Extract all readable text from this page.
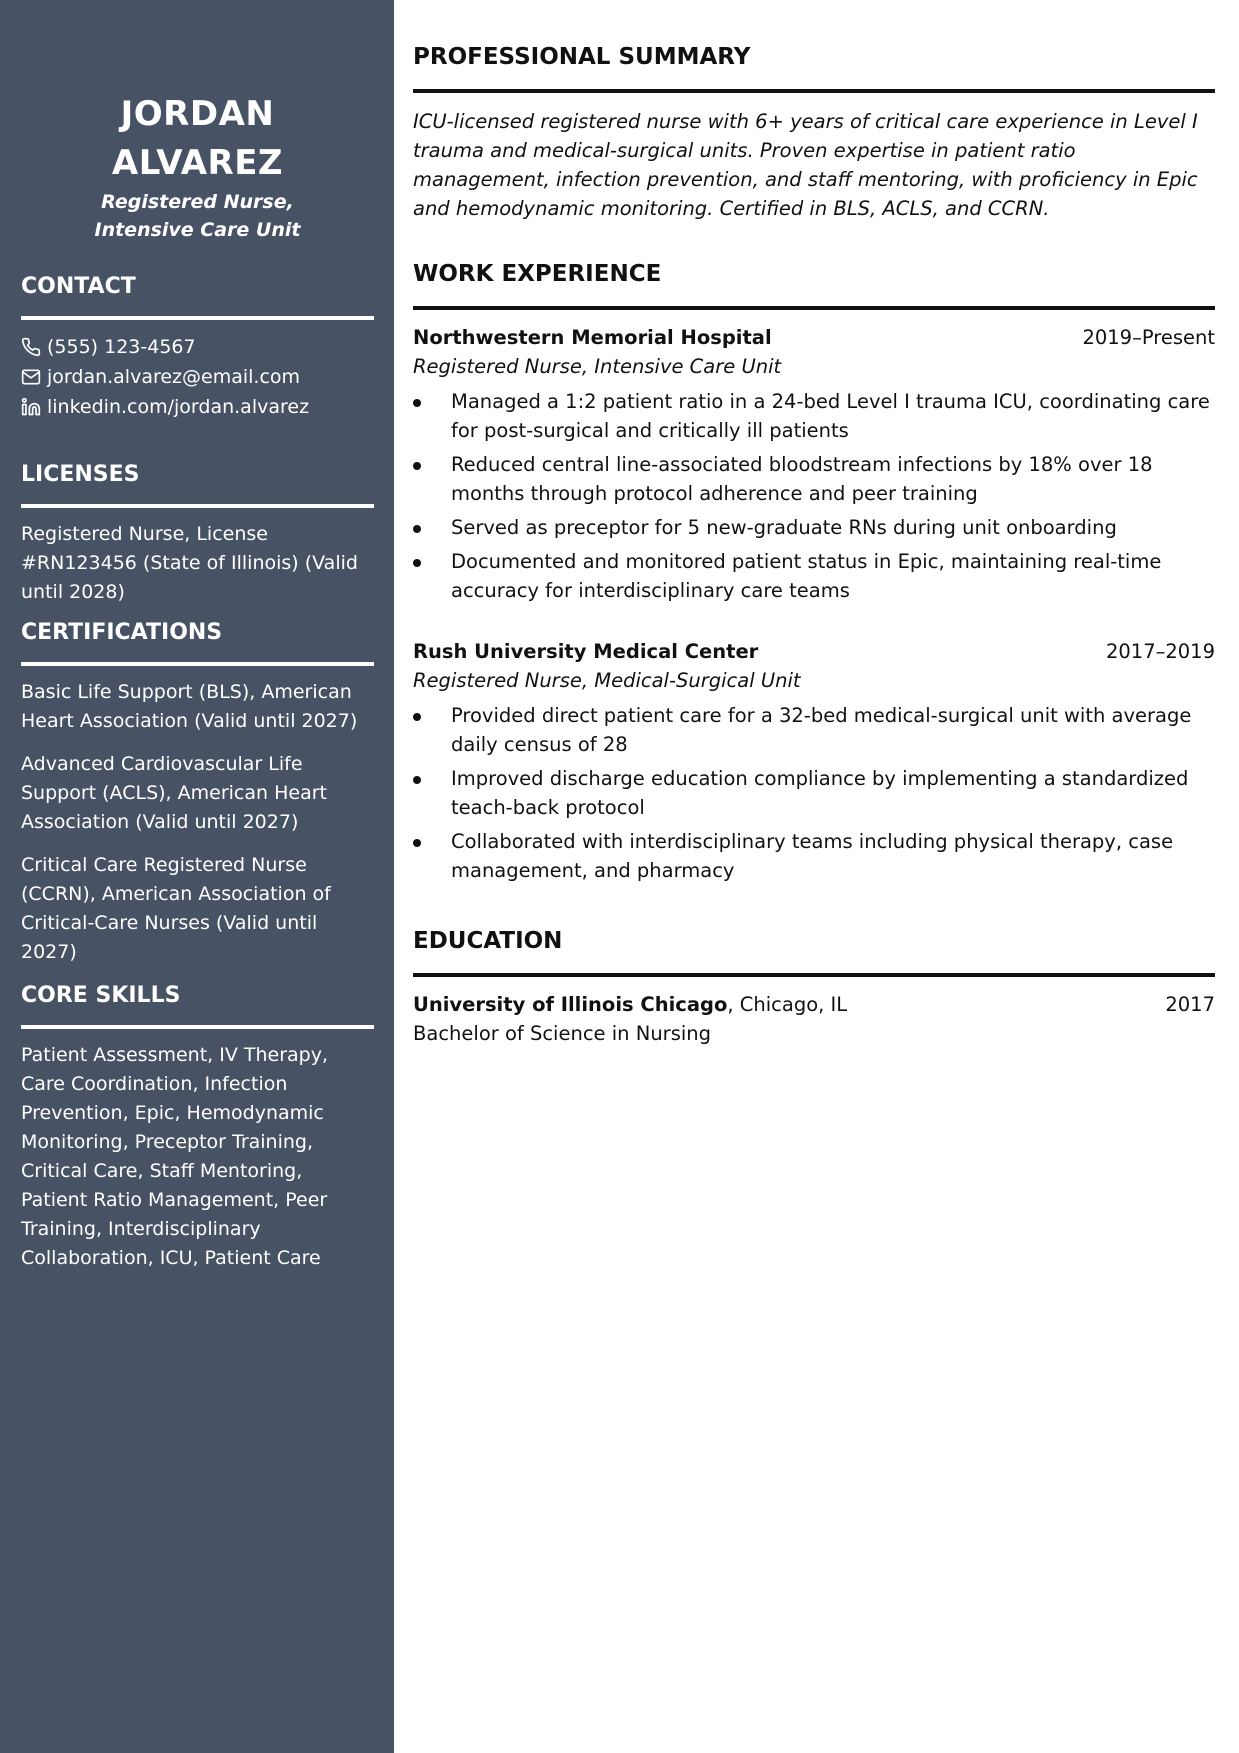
JORDAN
ALVAREZ
Registered Nurse,
Intensive Care Unit
CONTACT
(555) 123-4567
jordan.alvarez@email.com
linkedin.com/jordan.alvarez
LICENSES

Registered Nurse, License #RN123456 (State of Illinois) (Valid until 2028)

CERTIFICATIONS

Basic Life Support (BLS), American Heart Association (Valid until 2027)

Advanced Cardiovascular Life Support (ACLS), American Heart Association (Valid until 2027)

Critical Care Registered Nurse (CCRN), American Association of Critical-Care Nurses (Valid until 2027)

CORE SKILLS

Patient Assessment, IV Therapy, Care Coordination, Infection Prevention, Epic, Hemodynamic Monitoring, Preceptor Training, Critical Care, Staff Mentoring, Patient Ratio Management, Peer Training, Interdisciplinary Collaboration, ICU, Patient Care

PROFESSIONAL SUMMARY

ICU-licensed registered nurse with 6+ years of critical care experience in Level I trauma and medical-surgical units. Proven expertise in patient ratio management, infection prevention, and staff mentoring, with proficiency in Epic and hemodynamic monitoring. Certified in BLS, ACLS, and CCRN.

WORK EXPERIENCE
Northwestern Memorial Hospital	2019–Present
Registered Nurse, Intensive Care Unit
Managed a 1:2 patient ratio in a 24-bed Level I trauma ICU, coordinating care for post-surgical and critically ill patients
Reduced central line-associated bloodstream infections by 18% over 18 months through protocol adherence and peer training
Served as preceptor for 5 new-graduate RNs during unit onboarding
Documented and monitored patient status in Epic, maintaining real-time accuracy for interdisciplinary care teams
Rush University Medical Center	2017–2019
Registered Nurse, Medical-Surgical Unit
Provided direct patient care for a 32-bed medical-surgical unit with average daily census of 28
Improved discharge education compliance by implementing a standardized teach-back protocol
Collaborated with interdisciplinary teams including physical therapy, case management, and pharmacy
EDUCATION
University of Illinois Chicago, Chicago, IL	2017
Bachelor of Science in Nursing
